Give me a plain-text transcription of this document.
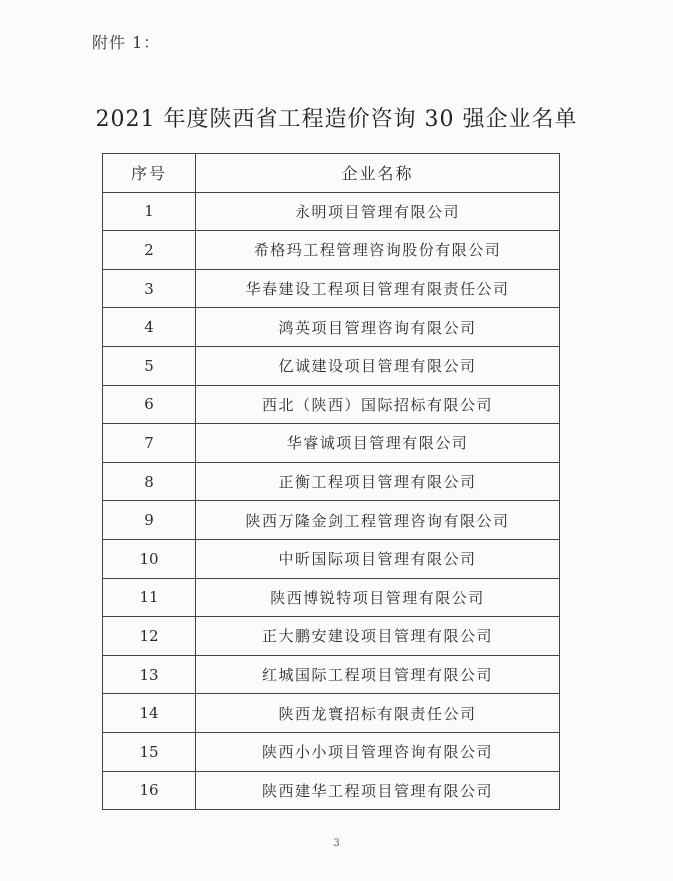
附件 1：
2021 年度陕西省工程造价咨询 30 强企业名单
序号	企业名称
1	永明项目管理有限公司
2	希格玛工程管理咨询股份有限公司
3	华春建设工程项目管理有限责任公司
4	鸿英项目管理咨询有限公司
5	亿诚建设项目管理有限公司
6	西北（陕西）国际招标有限公司
7	华睿诚项目管理有限公司
8	正衡工程项目管理有限公司
9	陕西万隆金剑工程管理咨询有限公司
10	中昕国际项目管理有限公司
11	陕西博锐特项目管理有限公司
12	正大鹏安建设项目管理有限公司
13	红城国际工程项目管理有限公司
14	陕西龙寰招标有限责任公司
15	陕西小小项目管理咨询有限公司
16	陕西建华工程项目管理有限公司
3
